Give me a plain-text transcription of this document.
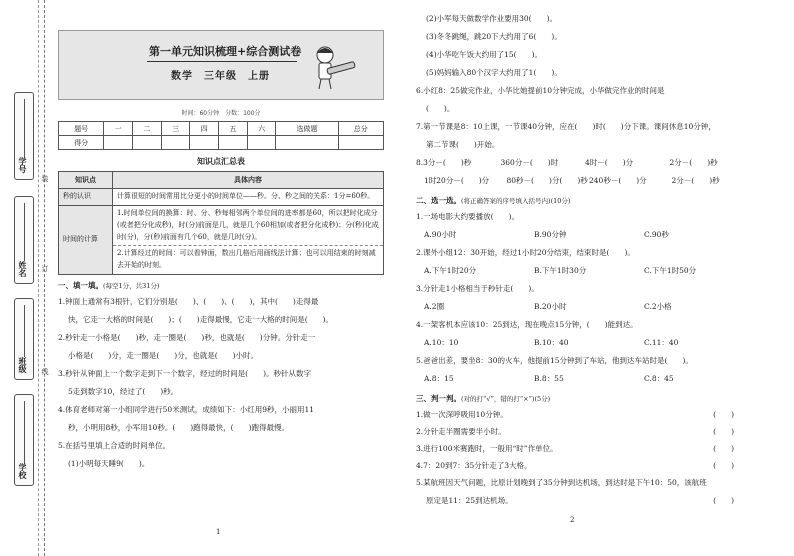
装
订
线
学号
姓名
班级
学校
第一单元知识梳理+综合测试卷
数学　三年级　上册
时间：60分钟　分数：100分
题号	一	二	三	四	五	六	选做题	总分
得分								
知识点汇总表
知识点	具体内容
秒的认识	计算很短的时间常用比分更小的时间单位——秒。分、秒之间的关系：1分=60秒。
时间的计算	1.时间单位间的换算：时、分、秒每相邻两个单位间的进率都是60，所以把时化成分(或者把分化成秒)，时(分)前面是几，就是几个60相加(或者把分化成秒)；分(秒)化成时(分)，分(秒)前面有几个60，就是几时(分)。
2.计算经过的时间：可以看钟面，数出几格后用画线法计算；也可以用结束的时刻减去开始的时刻。
一、填一填。(每空1分，共31分)
1.钟面上通常有3根针，它们分别是(　　)、(　　)、(　　)，其中(　　)走得最
快，它走一大格的时间是(　　)；(　　)走得最慢，它走一大格的时间是(　　)。
2.秒针走一小格是(　　)秒，走一圈是(　　)秒，也就是(　　)分钟。分针走一
小格是(　　)分，走一圈是(　　)分，也就是(　　)小时。
3.秒针从钟面上一个数字走到下一个数字，经过的时间是(　　)。秒针从数字
5走到数字10，经过了(　　)秒。
4.体育老师对第一小组同学进行50米测试，成绩如下：小红用9秒，小丽用11
秒，小明用8秒，小军用10秒。(　　)跑得最快，(　　)跑得最慢。
5.在括号里填上合适的时间单位。
(1)小明每天睡9(　　)。
1
(2)小军每天做数学作业要用30(　　)。
(3)冬冬跳绳，跳20下大约用了6(　　)。
(4)小华吃午饭大约用了15(　　)。
(5)妈妈输入80个汉字大约用了1(　　)。
6.小红8：25做完作业，小华比她提前10分钟完成，小华做完作业的时间是
(　　)。
7.第一节课是8：10上课，一节课40分钟，应在(　　)时(　　)分下课。课间休息10分钟，
第二节课(　　)开始。
8.3分－(　　)秒	360分－(　　)时	4时－(　　)分	2分－(　　)秒
1时20分－(　　)分	80秒－(　　)分(　　)秒 240秒－(　　)分	2分－(　　)秒
二、选一选。(将正确答案的序号填入括号内)(10分)
1.一场电影大约要播放(　　)。
A.90小时	B.90分钟	C.90秒
2.课外小组12：30开始，经过1小时20分结束，结束时是(　　)。
A.下午1时20分	B.下午1时30分	C.下午1时50分
3.分针走1小格相当于秒针走(　　)。
A.2圈	B.20小时	C.2小格
4.一架客机本应该10：25到达，现在晚点15分钟，(　　)能到达。
A.10：10	B.10：40	C.11：40
5.爸爸出差，要坐8：30的火车，他提前15分钟到了车站，他到达车站时是(　　)。
A.8：15	B.8：55	C.8：45
三、判一判。(对的打“√”，错的打“×”)(5分)
1.做一次深呼吸用10分钟。	(　　)
2.分针走半圈需要半小时。	(　　)
3.进行100米赛跑时，一般用“时”作单位。	(　　)
4.7：20到7：35分针走了3大格。	(　　)
5.某航班因天气问题，比原计划晚到了35分钟到达机场，到达时是下午10：50，该航班
原定是11：25到达机场。	(　　)
2
